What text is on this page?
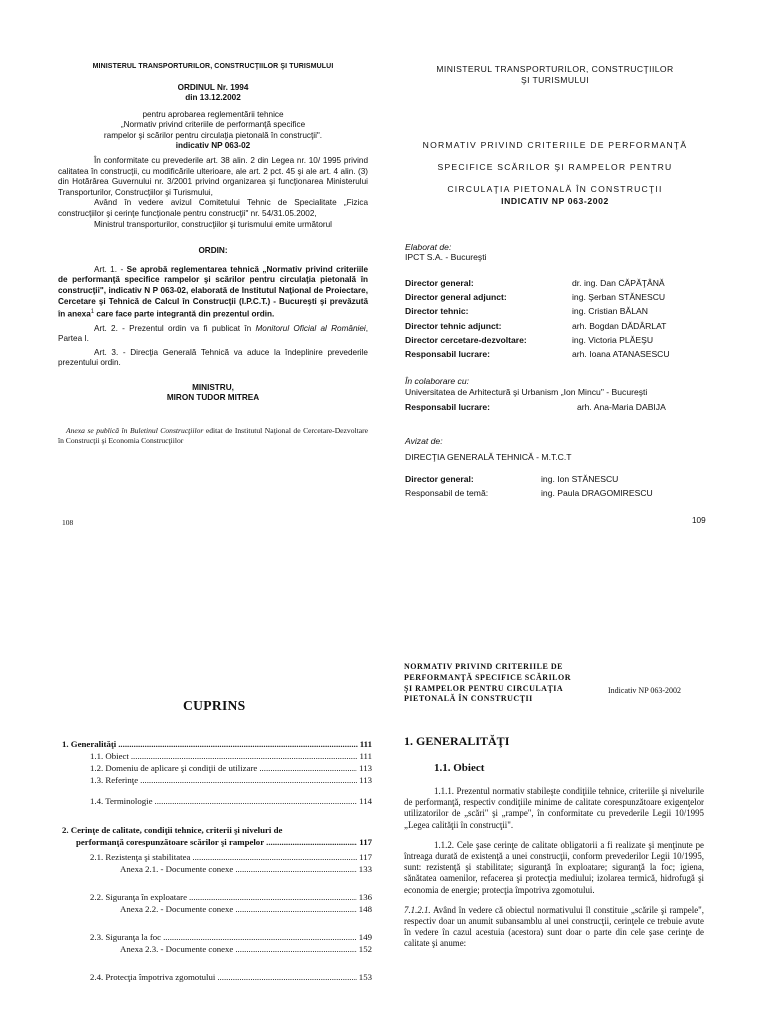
MINISTERUL TRANSPORTURILOR, CONSTRUCŢIILOR ŞI TURISMULUI
ORDINUL Nr. 1994
din 13.12.2002
pentru aprobarea reglementării tehnice
„Normativ privind criteriile de performanţă specifice
rampelor şi scărilor pentru circulaţia pietonală în construcţii".
indicativ NP 063-02
În conformitate cu prevederile art. 38 alin. 2 din Legea nr. 10/ 1995 privind calitatea în construcţii, cu modificările ulterioare, ale art. 2 pct. 45 şi ale art. 4 alin. (3) din Hotărârea Guvernului nr. 3/2001 privind organizarea şi funcţionarea Ministerului Transporturilor, Construcţiilor şi Turismului,
Având în vedere avizul Comitetului Tehnic de Specialitate „Fizica construcţiilor şi cerinţe funcţionale pentru construcţii" nr. 54/31.05.2002,
Ministrul transporturilor, construcţiilor şi turismului emite următorul
ORDIN:
Art. 1. - Se aprobă reglementarea tehnică „Normativ privind criteriile de performanţă specifice rampelor şi scărilor pentru circulaţia pietonală în construcţii", indicativ N P 063-02, elaborată de Institutul Naţional de Proiectare, Cercetare şi Tehnică de Calcul în Construcţii (I.P.C.T.) - Bucureşti şi prevăzută în anexa$^1$ care face parte integrantă din prezentul ordin.
Art. 2. - Prezentul ordin va fi publicat în Monitorul Oficial al României, Partea I.
Art. 3. - Direcţia Generală Tehnică va aduce la îndeplinire prevederile prezentului ordin.
MINISTRU,
MIRON TUDOR MITREA
Anexa se publică în Buletinul Construcţiilor editat de Institutul Naţional de Cercetare-Dezvoltare în Construcţii şi Economia Construcţiilor
108
MINISTERUL TRANSPORTURILOR, CONSTRUCŢIILOR
ŞI TURISMULUI
NORMATIV PRIVIND CRITERIILE DE PERFORMANŢĂ
SPECIFICE SCĂRILOR ŞI RAMPELOR PENTRU
CIRCULAŢIA PIETONALĂ ÎN CONSTRUCŢII
INDICATIV NP 063-2002
Elaborat de:
IPCT S.A. - Bucureşti
Director general:	dr. ing. Dan CĂPĂŢÂNĂ
Director general adjunct:	ing. Şerban STĂNESCU
Director tehnic:	ing. Cristian BĂLAN
Director tehnic adjunct:	arh. Bogdan DĂDÂRLAT
Director cercetare-dezvoltare:	ing. Victoria PLĂEŞU
Responsabil lucrare:	arh. Ioana ATANASESCU
În colaborare cu:
Universitatea de Arhitectură şi Urbanism „Ion Mincu" - Bucureşti
Responsabil lucrare:	arh. Ana-Maria DABIJA
Avizat de:
DIRECŢIA GENERALĂ TEHNICĂ - M.T.C.T
Director general:	ing. Ion STĂNESCU
Responsabil de temă:	ing. Paula DRAGOMIRESCU
109
CUPRINS
1. Generalităţi .....	111
1.1. Obiect .....	111
1.2. Domeniu de aplicare şi condiţii de utilizare .....	113
1.3. Referinţe .....	113
1.4. Terminologie .....	114
2. Cerinţe de calitate, condiţii tehnice, criterii şi niveluri de
performanţă corespunzătoare scărilor şi rampelor .....	117
2.1. Rezistenţa şi stabilitatea .....	117
Anexa 2.1. - Documente conexe .....	133
2.2. Siguranţa în exploatare .....	136
Anexa 2.2. - Documente conexe .....	148
2.3. Siguranţa la foc .....	149
Anexa 2.3. - Documente conexe .....	152
2.4. Protecţia împotriva zgomotului .....	153
NORMATIV PRIVIND CRITERIILE DE
PERFORMANŢĂ SPECIFICE SCĂRILOR
ŞI RAMPELOR PENTRU CIRCULAŢIA
PIETONALĂ ÎN CONSTRUCŢII
Indicativ NP 063-2002
1. GENERALITĂŢI
1.1. Obiect
1.1.1. Prezentul normativ stabileşte condiţiile tehnice, criteriile şi nivelurile de performanţă, respectiv condiţiile minime de calitate corespunzătoare exigenţelor utilizatorilor de „scări" şi „rampe", în conformitate cu prevederile Legii 10/1995 „Legea calităţii în construcţii".
1.1.2. Cele şase cerinţe de calitate obligatorii a fi realizate şi menţinute pe întreaga durată de existenţă a unei construcţii, conform prevederilor Legii 10/1995, sunt: rezistenţă şi stabilitate; siguranţă în exploatare; siguranţă la foc; igiena, sănătatea oamenilor, refacerea şi protecţia mediului; izolarea termică, hidrofugă şi economia de energie; protecţia împotriva zgomotului.
7.1.2.1. Având în vedere că obiectul normativului îl constituie „scările şi rampele", respectiv doar un anumit subansamblu al unei construcţii, cerinţele ce trebuie avute în vedere în cazul acestuia (acestora) sunt doar o parte din cele şase cerinţe de calitate şi anume:
